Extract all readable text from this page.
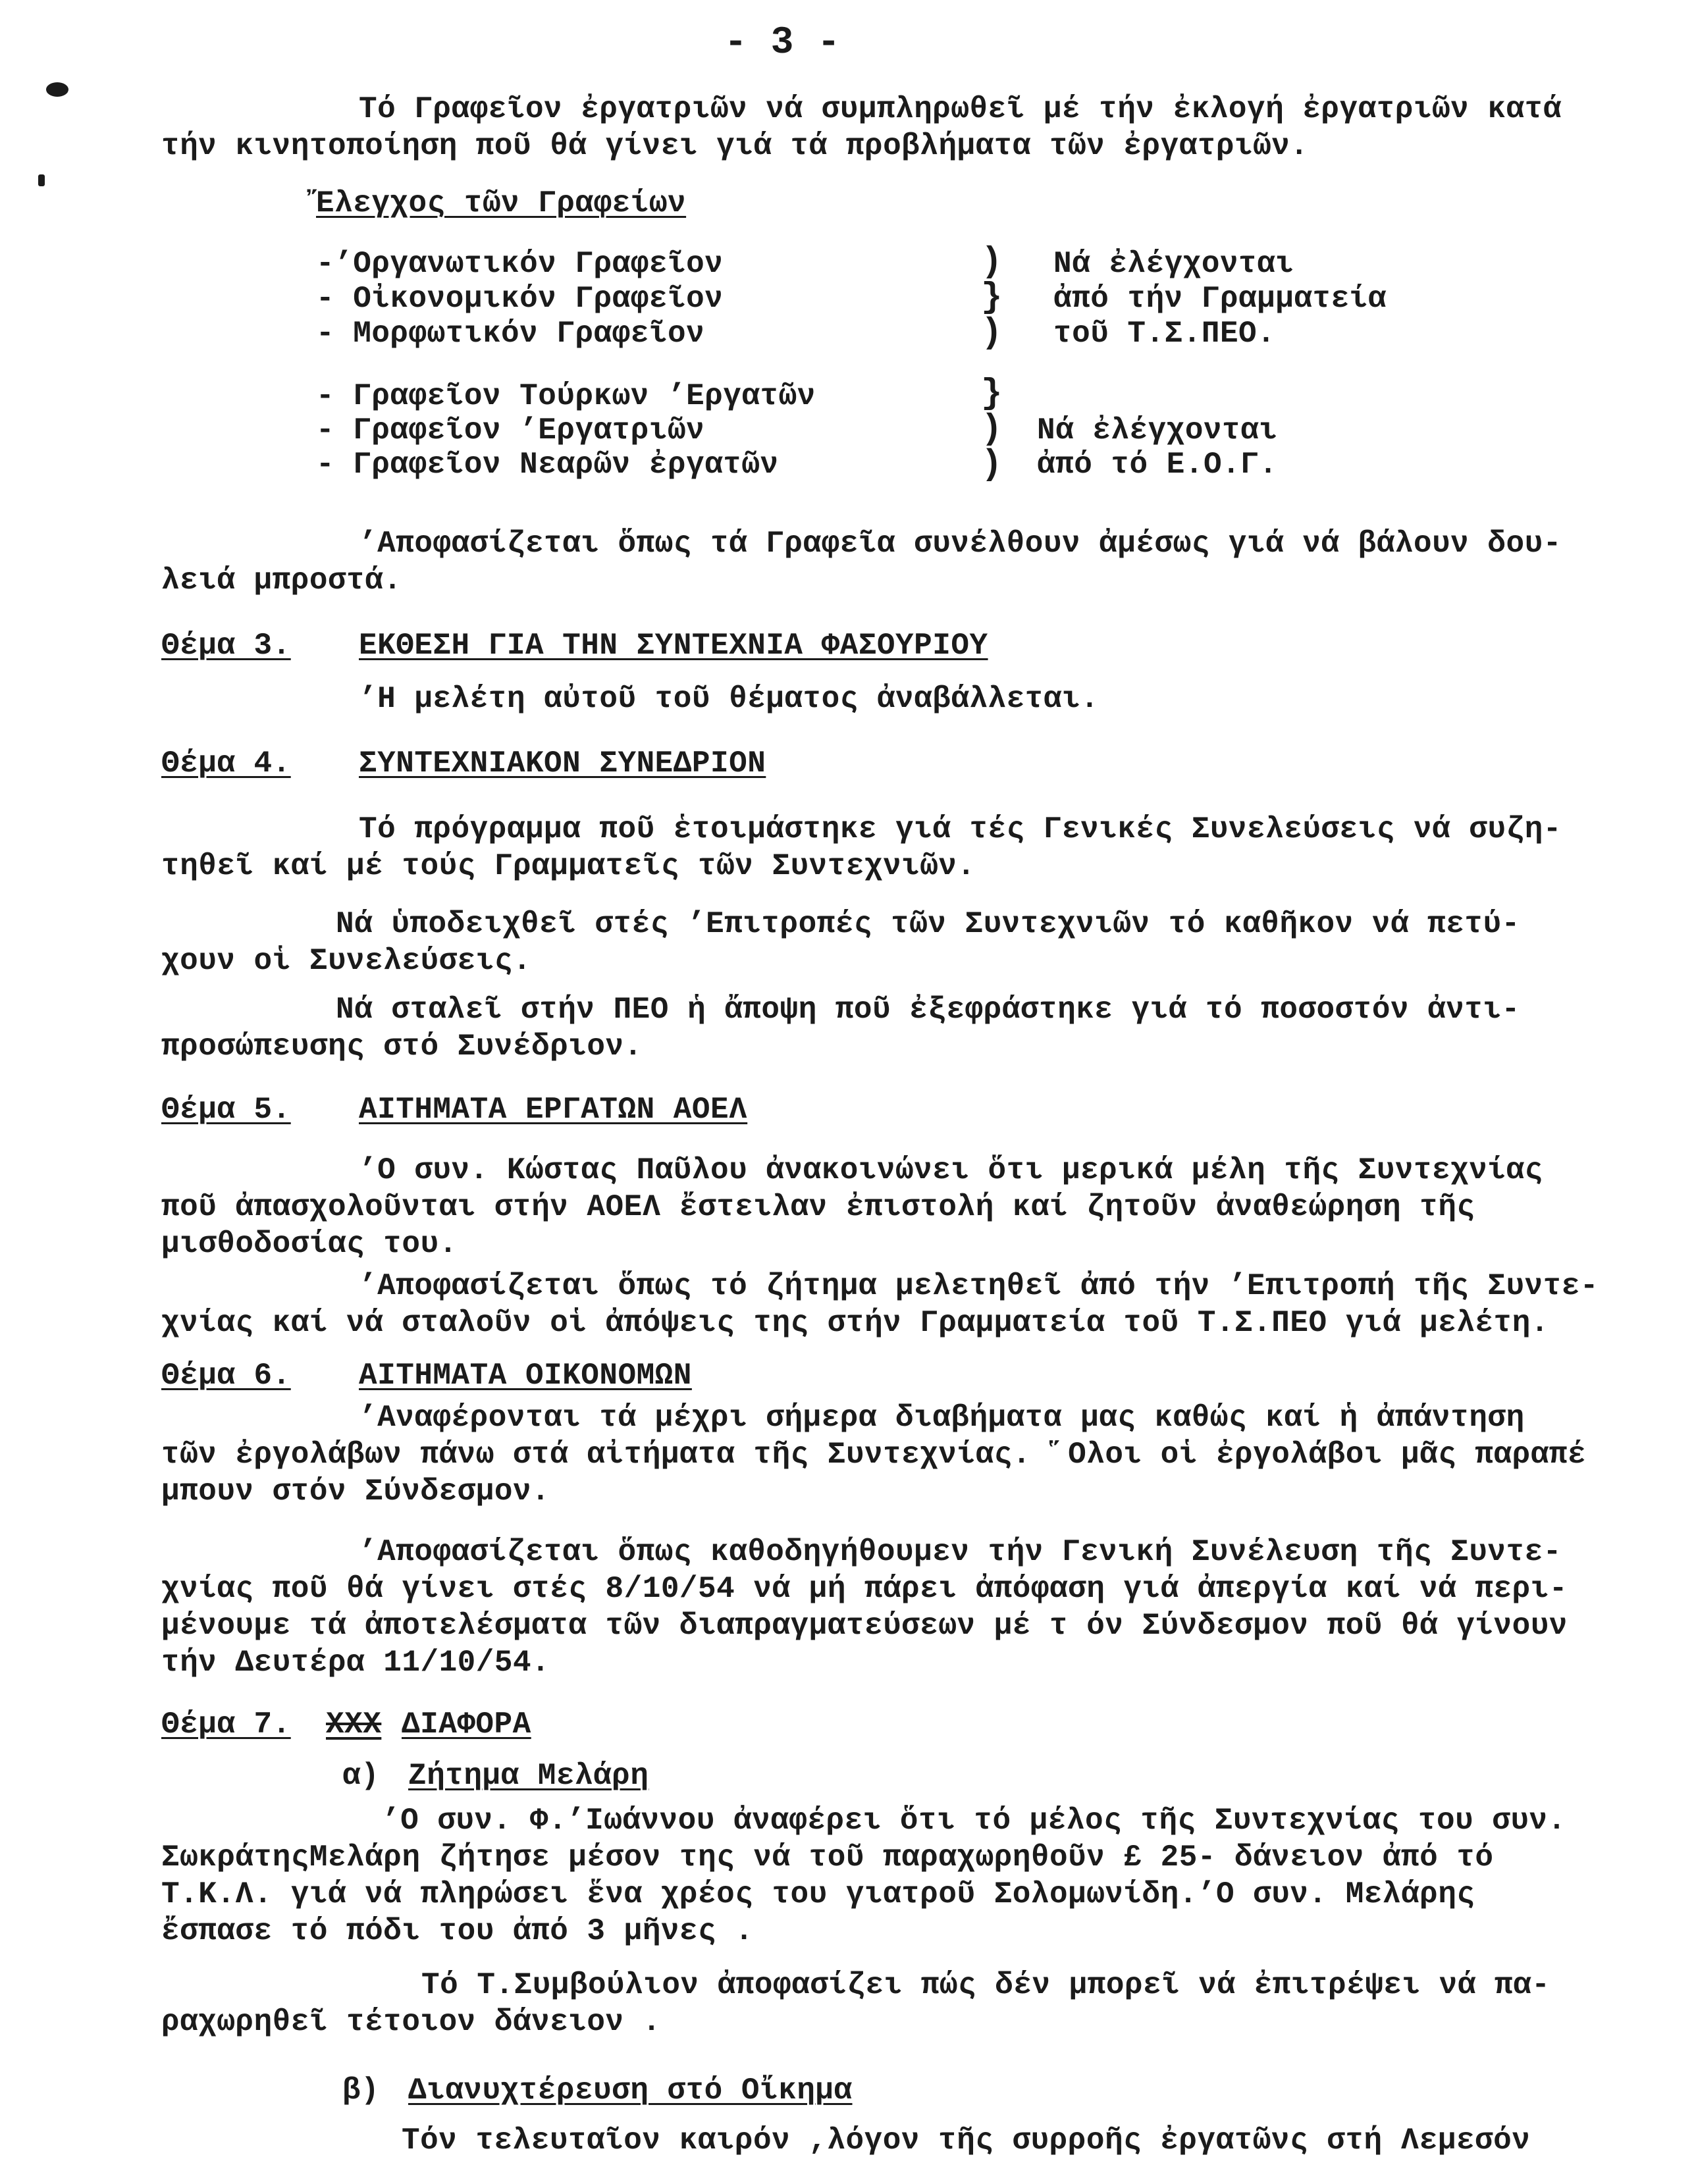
- 3 -
Τό Γραφεῖον ἐργατριῶν νά συμπληρωθεῖ μέ τήν ἐκλογή ἐργατριῶν κατά
τήν κινητοποίηση ποῦ θά γίνει γιά τά προβλήματα τῶν ἐργατριῶν.
Ἔλεγχος τῶν Γραφείων
-’Οργανωτικόν Γραφεῖον
- Οἰκονομικόν Γραφεῖον
- Μορφωτικόν Γραφεῖον
)
}
)
Νά ἐλέγχονται
ἀπό τήν Γραμματεία
τοῦ Τ.Σ.ΠΕΟ.
- Γραφεῖον Τούρκων ’Εργατῶν
- Γραφεῖον ’Εργατριῶν
- Γραφεῖον Νεαρῶν ἐργατῶν
}
)
)
Νά ἐλέγχονται
ἀπό τό Ε.Ο.Γ.
’Αποφασίζεται ὅπως τά Γραφεῖα συνέλθουν ἀμέσως γιά νά βάλουν δου-
λειά μπροστά.
Θέμα 3. ΕΚΘΕΣΗ ΓΙΑ ΤΗΝ ΣΥΝΤΕΧΝΙΑ ΦΑΣΟΥΡΙΟΥ
’Η μελέτη αὐτοῦ τοῦ θέματος ἀναβάλλεται.
Θέμα 4. ΣΥΝΤΕΧΝΙΑΚΟΝ ΣΥΝΕΔΡΙΟΝ
Τό πρόγραμμα ποῦ ἑτοιμάστηκε γιά τές Γενικές Συνελεύσεις νά συζη-
τηθεῖ καί μέ τούς Γραμματεῖς τῶν Συντεχνιῶν.
Νά ὑποδειχθεῖ στές ’Επιτροπές τῶν Συντεχνιῶν τό καθῆκον νά πετύ-
χουν οἱ Συνελεύσεις.
Νά σταλεῖ στήν ΠΕΟ ἡ ἄποψη ποῦ ἐξεφράστηκε γιά τό ποσοστόν ἀντι-
προσώπευσης στό Συνέδριον.
Θέμα 5. ΑΙΤΗΜΑΤΑ ΕΡΓΑΤΩΝ ΑΟΕΛ
’Ο συν. Κώστας Παῦλου ἀνακοινώνει ὅτι μερικά μέλη τῆς Συντεχνίας
ποῦ ἀπασχολοῦνται στήν ΑΟΕΛ ἔστειλαν ἐπιστολή καί ζητοῦν ἀναθεώρηση τῆς
μισθοδοσίας του.
’Αποφασίζεται ὅπως τό ζήτημα μελετηθεῖ ἀπό τήν ’Επιτροπή τῆς Συντε-
χνίας καί νά σταλοῦν οἱ ἀπόψεις της στήν Γραμματεία τοῦ Τ.Σ.ΠΕΟ γιά μελέτη.
Θέμα 6. ΑΙΤΗΜΑΤΑ ΟΙΚΟΝΟΜΩΝ
’Αναφέρονται τά μέχρι σήμερα διαβήματα μας καθώς καί ἡ ἀπάντηση
τῶν ἐργολάβων πάνω στά αἰτήματα τῆς Συντεχνίας. ῞Ολοι οἱ ἐργολάβοι μᾶς παραπέ
μπουν στόν Σύνδεσμον.
’Αποφασίζεται ὅπως καθοδηγήθουμεν τήν Γενική Συνέλευση τῆς Συντε-
χνίας ποῦ θά γίνει στές 8/10/54 νά μή πάρει ἀπόφαση γιά ἀπεργία καί νά περι-
μένουμε τά ἀποτελέσματα τῶν διαπραγματεύσεων μέ τ όν Σύνδεσμον ποῦ θά γίνουν
τήν Δευτέρα 11/10/54.
Θέμα 7. ΧΧΧ ΔΙΑΦΟΡΑ
α) Ζήτημα Μελάρη
’Ο συν. Φ.’Ιωάννου ἀναφέρει ὅτι τό μέλος τῆς Συντεχνίας του συν.
ΣωκράτηςΜελάρη ζήτησε μέσον της νά τοῦ παραχωρηθοῦν £ 25- δάνειον ἀπό τό
Τ.Κ.Λ. γιά νά πληρώσει ἕνα χρέος του γιατροῦ Σολομωνίδη.’Ο συν. Μελάρης
ἔσπασε τό πόδι του ἀπό 3 μῆνες .
Τό Τ.Συμβούλιον ἀποφασίζει πώς δέν μπορεῖ νά ἐπιτρέψει νά πα-
ραχωρηθεῖ τέτοιον δάνειον .
β) Διανυχτέρευση στό Οἴκημα
Τόν τελευταῖον καιρόν ,λόγον τῆς συρροῆς ἐργατῶνς στή Λεμεσόν
